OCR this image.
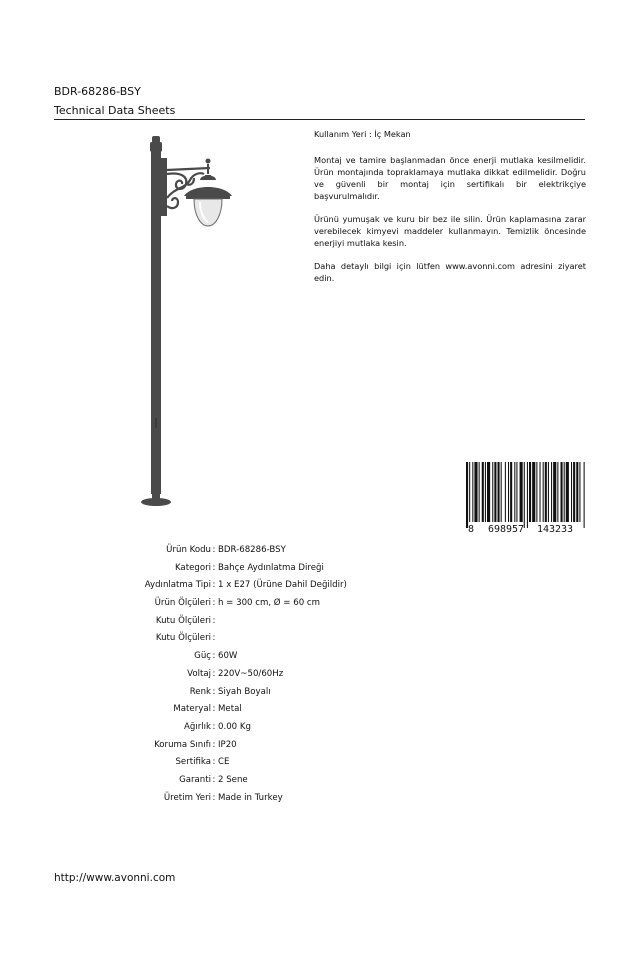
BDR-68286-BSY
Technical Data Sheets

Kullanım Yeri : İç Mekan

Montaj ve tamire başlanmadan önce enerji mutlaka kesilmelidir. Ürün montajında topraklamaya mutlaka dikkat edilmelidir. Doğru ve güvenli bir montaj için sertifikalı bir elektrikçiye başvurulmalıdır.

Ürünü yumuşak ve kuru bir bez ile silin. Ürün kaplamasına zarar verebilecek kimyevi maddeler kullanmayın. Temizlik öncesinde enerjiyi mutlaka kesin.

Daha detaylı bilgi için lütfen www.avonni.com adresini ziyaret edin.

8 698957 143233
Ürün Kodu : BDR-68286-BSY
Kategori : Bahçe Aydınlatma Direği
Aydınlatma Tipi : 1 x E27 (Ürüne Dahil Değildir)
Ürün Ölçüleri : h = 300 cm, Ø = 60 cm
Kutu Ölçüleri :
Kutu Ölçüleri :
Güç : 60W
Voltaj : 220V~50/60Hz
Renk : Siyah Boyalı
Materyal : Metal
Ağırlık : 0.00 Kg
Koruma Sınıfı : IP20
Sertifika : CE
Garanti : 2 Sene
Üretim Yeri : Made in Turkey
http://www.avonni.com
